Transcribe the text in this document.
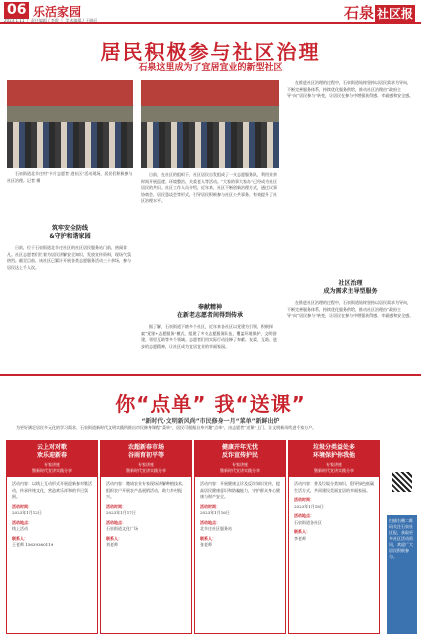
06 乐活家园
2023.1.11 丨 责任编辑 / 李霞 丨 美术编辑 / 王晓辰	石泉 社区报
居民积极参与社区治理
石泉这里成为了宜居宜业的新型社区
石泉街道北辛庄村“卡片志愿者·进社区”活动现场，居民们积极参与社区治理。记者 摄
筑牢安全防线
&守护和谐家园
日前，位于石泉街道北辛庄社区的社区居民服务站门前，热闹非凡。社区志愿者们忙着为居民讲解安全知识，发放宣传资料，现场气氛热烈。截至目前，该社区已累计开展各类志愿服务活动三十余场，参与居民达上千人次。
日前，在社区的组织下，社区居民自发组成了一支志愿服务队，利用业余时间开展巡逻、环境整治、关爱老人等活动。“大家的事大家办”已经成为社区居民的共识。社区工作人员介绍，近年来，社区不断创新治理方式，通过议事协商会、居民恳谈会等形式，引导居民积极参与社区公共事务，有效提升了社区治理水平。
奉献精神
在新老志愿者间得到传承
据了解，石泉街道下辖多个社区，近年来各社区以党建为引领，积极探索“党建+志愿服务”模式，组建了多支志愿服务队伍，覆盖环境保护、文明创建、邻里互助等多个领域。志愿者们用实际行动诠释了奉献、友爱、互助、进步的志愿精神，让社区成为宜居宜业的幸福家园。
在推进社区治理的过程中，石泉街道始终坚持以居民需求为导向，不断完善服务体系，持续优化服务供给，推动社区治理由“政府主导”向“居民参与”转变，让居民在参与中增强获得感、幸福感和安全感。
社区治理
成为需求主导型服务
在推进社区治理的过程中，石泉街道始终坚持以居民需求为导向，不断完善服务体系，持续优化服务供给，推动社区治理由“政府主导”向“居民参与”转变，让居民在参与中增强获得感、幸福感和安全感。
你“点单” 我“送课”
“新时代·文明新风尚”市民修身一月“菜单”新鲜出炉
为更好满足居民多元化的学习需求，石泉街道新时代文明实践所推出市民修身课程“菜单”，居民可根据自身兴趣“点单”，由志愿者“送课”上门，让文明新风吹进千家万户。
云上对对歌
欢乐迎新春
专家讲座
暨新时代宣讲实践分享
活动内容：以线上互动形式开展迎新春对歌活动，传承传统文化，营造欢乐祥和的节日氛围。
活动时间：
2023年1月12日
活动地点：
线上活动
联系人：
王老师 15639360119
农超新春市场
谷雨育初平等
专家讲座
暨新时代宣讲实践分享
活动内容：邀请农业专家现场讲解种植技术，组织农户开展农产品展销活动，助力乡村振兴。
活动时间：
2023年1月17日
活动地点：
石泉街道文化广场
联系人：
刘老师
健康开年无忧
反诈宣传护民
专家讲座
暨新时代宣讲实践分享
活动内容：开展健康义诊及反诈知识宣传，提高居民健康意识和防骗能力，守护群众身心健康与财产安全。
活动时间：
2023年1月16日
活动地点：
北辛庄社区服务站
联系人：
张老师
垃圾分类益处多
环境保护你我他
专家讲座
暨新时代宣讲实践分享
活动内容：普及垃圾分类知识，倡导绿色低碳生活方式，共同建设美丽宜居的幸福家园。
活动时间：
2023年1月18日
活动地点：
石泉街道各社区
联系人：
李老师
扫描右侧二维码关注石泉社区报，获取更多社区活动资讯，欢迎广大居民积极参与。
